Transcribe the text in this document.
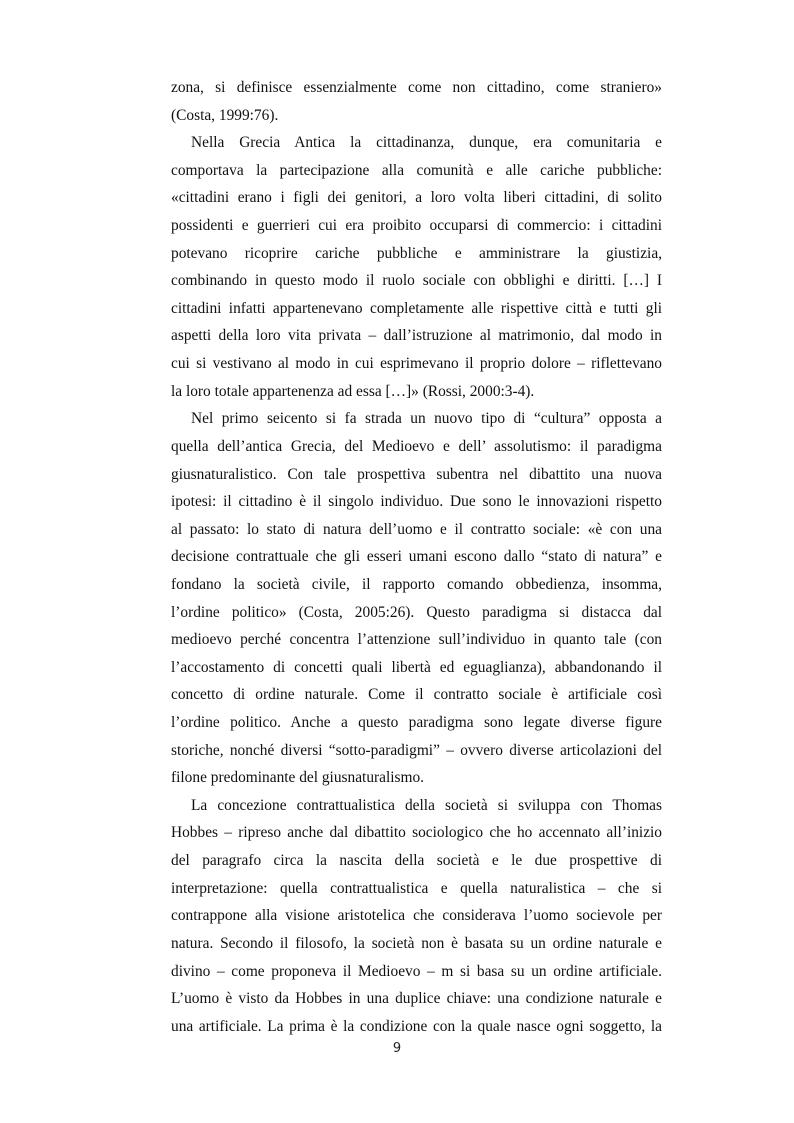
zona, si definisce essenzialmente come non cittadino, come straniero»
(Costa, 1999:76).
Nella Grecia Antica la cittadinanza, dunque, era comunitaria e
comportava la partecipazione alla comunità e alle cariche pubbliche:
«cittadini erano i figli dei genitori, a loro volta liberi cittadini, di solito
possidenti e guerrieri cui era proibito occuparsi di commercio: i cittadini
potevano ricoprire cariche pubbliche e amministrare la giustizia,
combinando in questo modo il ruolo sociale con obblighi e diritti. […] I
cittadini infatti appartenevano completamente alle rispettive città e tutti gli
aspetti della loro vita privata – dall’istruzione al matrimonio, dal modo in
cui si vestivano al modo in cui esprimevano il proprio dolore – riflettevano
la loro totale appartenenza ad essa […]» (Rossi, 2000:3-4).
Nel primo seicento si fa strada un nuovo tipo di “cultura” opposta a
quella dell’antica Grecia, del Medioevo e dell’ assolutismo: il paradigma
giusnaturalistico. Con tale prospettiva subentra nel dibattito una nuova
ipotesi: il cittadino è il singolo individuo. Due sono le innovazioni rispetto
al passato: lo stato di natura dell’uomo e il contratto sociale: «è con una
decisione contrattuale che gli esseri umani escono dallo “stato di natura” e
fondano la società civile, il rapporto comando obbedienza, insomma,
l’ordine politico» (Costa, 2005:26). Questo paradigma si distacca dal
medioevo perché concentra l’attenzione sull’individuo in quanto tale (con
l’accostamento di concetti quali libertà ed eguaglianza), abbandonando il
concetto di ordine naturale. Come il contratto sociale è artificiale così
l’ordine politico. Anche a questo paradigma sono legate diverse figure
storiche, nonché diversi “sotto-paradigmi” – ovvero diverse articolazioni del
filone predominante del giusnaturalismo.
La concezione contrattualistica della società si sviluppa con Thomas
Hobbes – ripreso anche dal dibattito sociologico che ho accennato all’inizio
del paragrafo circa la nascita della società e le due prospettive di
interpretazione: quella contrattualistica e quella naturalistica – che si
contrappone alla visione aristotelica che considerava l’uomo socievole per
natura. Secondo il filosofo, la società non è basata su un ordine naturale e
divino – come proponeva il Medioevo – m si basa su un ordine artificiale.
L’uomo è visto da Hobbes in una duplice chiave: una condizione naturale e
una artificiale. La prima è la condizione con la quale nasce ogni soggetto, la
9
